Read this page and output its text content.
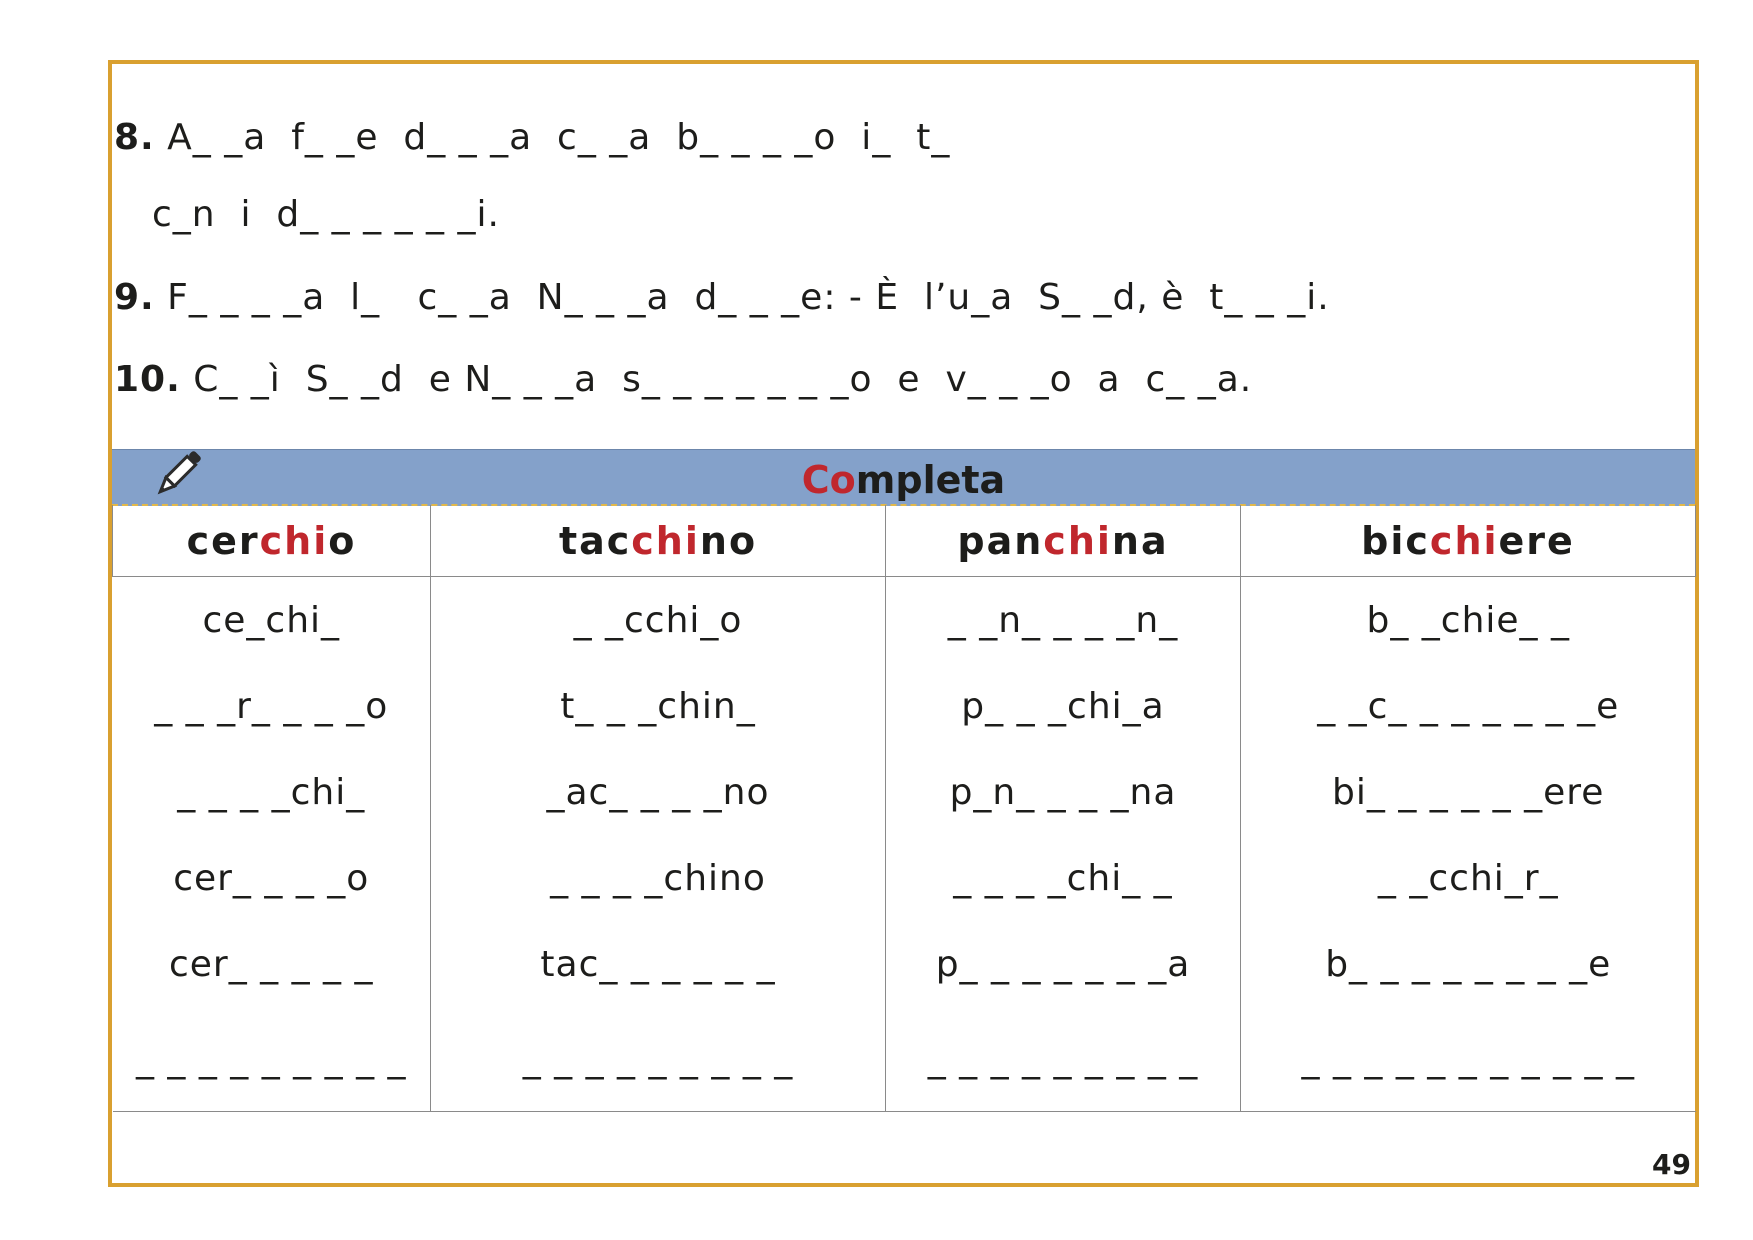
8. A_ _a  f_ _e  d_ _ _a  c_ _a  b_ _ _ _o  i_  t_
c_n  i  d_ _ _ _ _ _i.
9. F_ _ _ _a  l_   c_ _a  N_ _ _a  d_ _ _e: - È  l’u_a  S_ _d, è  t_ _ _i.
10. C_ _ì  S_ _d  e N_ _ _a  s_ _ _ _ _ _ _o  e  v_ _ _o  a  c_ _a.
Completa
cerchio	tacchino	panchina	bicchiere
ce_chi_	_ _cchi_o	_ _n_ _ _ _n_	b_ _chie_ _
_ _ _r_ _ _ _o	t_ _ _chin_	p_ _ _chi_a	_ _c_ _ _ _ _ _ _e
_ _ _ _chi_	_ac_ _ _ _no	p_n_ _ _ _na	bi_ _ _ _ _ _ere
cer_ _ _ _o	_ _ _ _chino	_ _ _ _chi_ _	_ _cchi_r_
cer_ _ _ _ _	tac_ _ _ _ _ _	p_ _ _ _ _ _ _a	b_ _ _ _ _ _ _ _e
_ _ _ _ _ _ _ _ _	_ _ _ _ _ _ _ _ _	_ _ _ _ _ _ _ _ _	_ _ _ _ _ _ _ _ _ _ _
49
